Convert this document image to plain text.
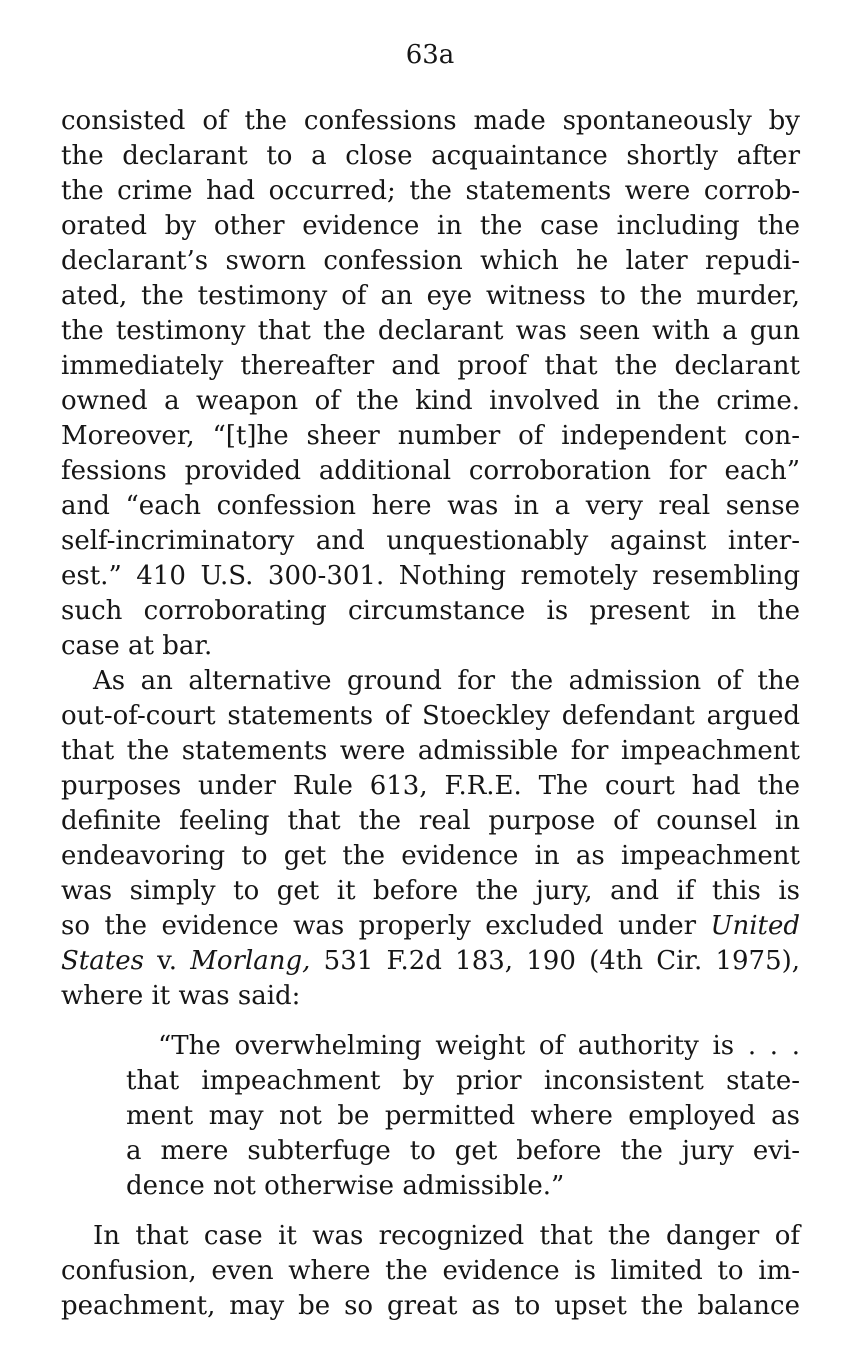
63a
consisted of the confessions made spontaneously by
the declarant to a close acquaintance shortly after
the crime had occurred; the statements were corrob-
orated by other evidence in the case including the
declarant’s sworn confession which he later repudi-
ated, the testimony of an eye witness to the murder,
the testimony that the declarant was seen with a gun
immediately thereafter and proof that the declarant
owned a weapon of the kind involved in the crime.
Moreover, “[t]he sheer number of independent con-
fessions provided additional corroboration for each”
and “each confession here was in a very real sense
self-incriminatory and unquestionably against inter-
est.” 410 U.S. 300-301. Nothing remotely resembling
such corroborating circumstance is present in the
case at bar.
As an alternative ground for the admission of the
out-of-court statements of Stoeckley defendant argued
that the statements were admissible for impeachment
purposes under Rule 613, F.R.E. The court had the
definite feeling that the real purpose of counsel in
endeavoring to get the evidence in as impeachment
was simply to get it before the jury, and if this is
so the evidence was properly excluded under United
States v. Morlang, 531 F.2d 183, 190 (4th Cir. 1975),
where it was said:
“The overwhelming weight of authority is . . .
that impeachment by prior inconsistent state-
ment may not be permitted where employed as
a mere subterfuge to get before the jury evi-
dence not otherwise admissible.”
In that case it was recognized that the danger of
confusion, even where the evidence is limited to im-
peachment, may be so great as to upset the balance
